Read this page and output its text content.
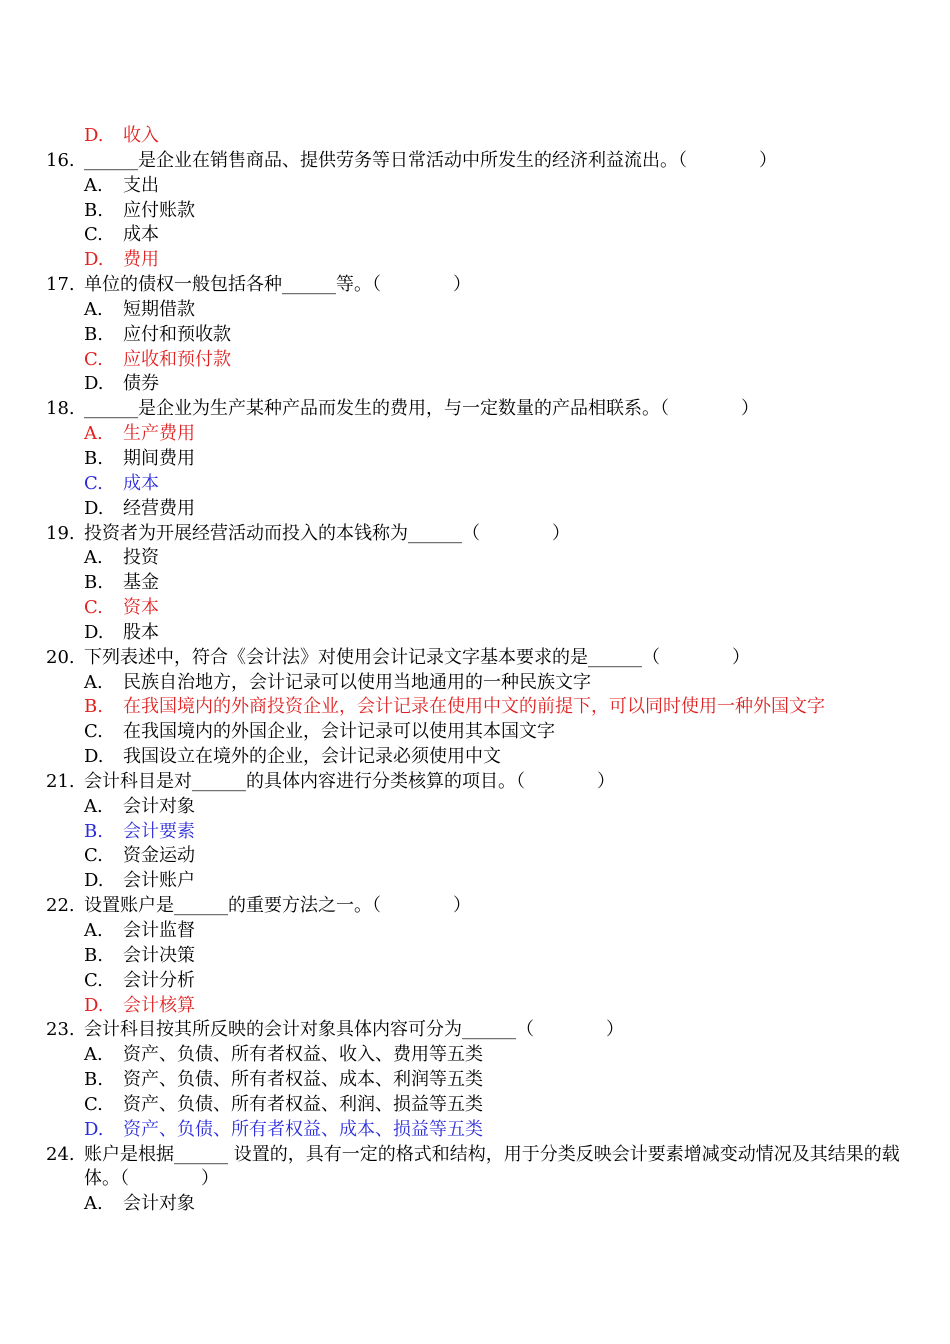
D. 收入
16. ______是企业在销售商品、提供劳务等日常活动中所发生的经济利益流出。（　　　　）
A. 支出
B. 应付账款
C. 成本
D. 费用
17. 单位的债权一般包括各种______等。（　　　　）
A. 短期借款
B. 应付和预收款
C. 应收和预付款
D. 债券
18. ______是企业为生产某种产品而发生的费用，与一定数量的产品相联系。（　　　　）
A. 生产费用
B. 期间费用
C. 成本
D. 经营费用
19. 投资者为开展经营活动而投入的本钱称为______（　　　　）
A. 投资
B. 基金
C. 资本
D. 股本
20. 下列表述中，符合《会计法》对使用会计记录文字基本要求的是______（　　　　）
A. 民族自治地方，会计记录可以使用当地通用的一种民族文字
B. 在我国境内的外商投资企业，会计记录在使用中文的前提下，可以同时使用一种外国文字
C. 在我国境内的外国企业，会计记录可以使用其本国文字
D. 我国设立在境外的企业，会计记录必须使用中文
21. 会计科目是对______的具体内容进行分类核算的项目。（　　　　）
A. 会计对象
B. 会计要素
C. 资金运动
D. 会计账户
22. 设置账户是______的重要方法之一。（　　　　）
A. 会计监督
B. 会计决策
C. 会计分析
D. 会计核算
23. 会计科目按其所反映的会计对象具体内容可分为______（　　　　）
A. 资产、负债、所有者权益、收入、费用等五类
B. 资产、负债、所有者权益、成本、利润等五类
C. 资产、负债、所有者权益、利润、损益等五类
D. 资产、负债、所有者权益、成本、损益等五类
24. 账户是根据______ 设置的，具有一定的格式和结构，用于分类反映会计要素增减变动情况及其结果的载体。（　　　　）
A. 会计对象
